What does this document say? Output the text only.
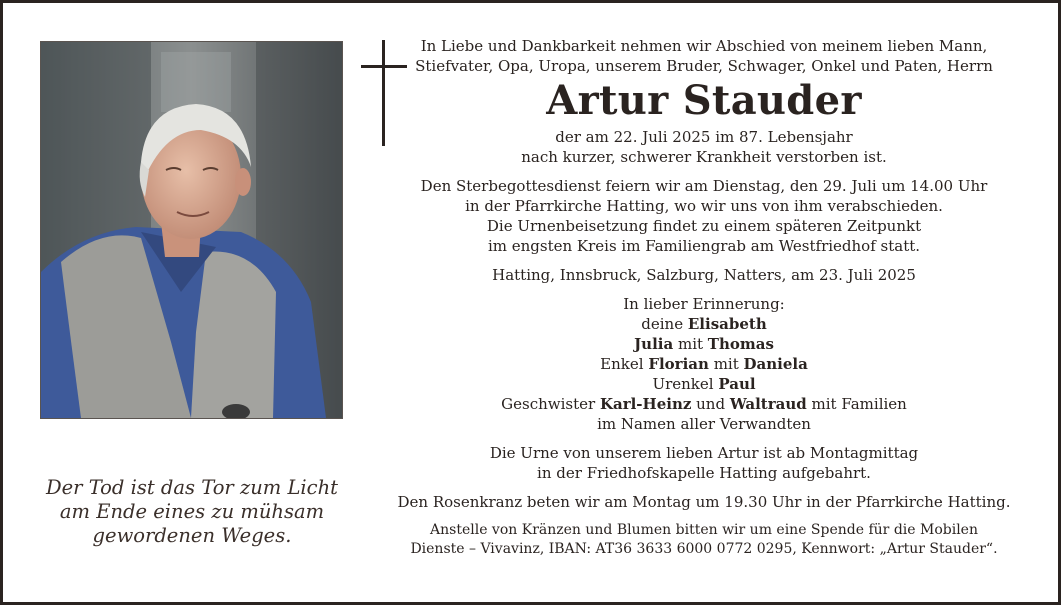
Der Tod ist das Tor zum Licht
am Ende eines zu mühsam
gewordenen Weges.
In Liebe und Dankbarkeit nehmen wir Abschied von meinem lieben Mann,
Stiefvater, Opa, Uropa, unserem Bruder, Schwager, Onkel und Paten, Herrn
Artur Stauder
der am 22. Juli 2025 im 87. Lebensjahr
nach kurzer, schwerer Krankheit verstorben ist.
Den Sterbegottesdienst feiern wir am Dienstag, den 29. Juli um 14.00 Uhr
in der Pfarrkirche Hatting, wo wir uns von ihm verabschieden.
Die Urnenbeisetzung findet zu einem späteren Zeitpunkt
im engsten Kreis im Familiengrab am Westfriedhof statt.
Hatting, Innsbruck, Salzburg, Natters, am 23. Juli 2025
In lieber Erinnerung:
deine Elisabeth
Julia mit Thomas
Enkel Florian mit Daniela
Urenkel Paul
Geschwister Karl-Heinz und Waltraud mit Familien
im Namen aller Verwandten
Die Urne von unserem lieben Artur ist ab Montagmittag
in der Friedhofskapelle Hatting aufgebahrt.
Den Rosenkranz beten wir am Montag um 19.30 Uhr in der Pfarrkirche Hatting.
Anstelle von Kränzen und Blumen bitten wir um eine Spende für die Mobilen
Dienste – Vivavinz, IBAN: AT36 3633 6000 0772 0295, Kennwort: „Artur Stauder“.
